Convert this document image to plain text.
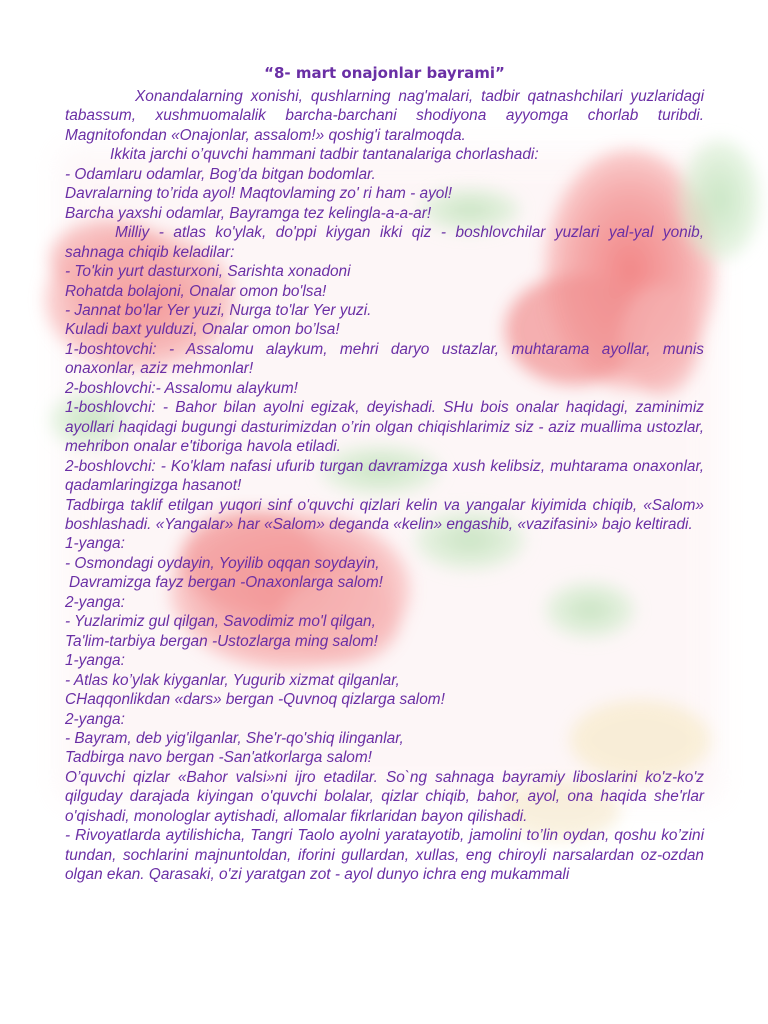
“8- mart onajonlar bayrami”

Xonandalarning xonishi, qushlarning nag'malari, tadbir qatnashchilari yuzlaridagi tabassum, xushmuomalalik barcha-barchani shodiyona ayyomga chorlab turibdi. Magnitofondan «Onajonlar, assalom!» qoshig'i taralmoqda.

Ikkita jarchi o’quvchi hammani tadbir tantanalariga chorlashadi:

- Odamlaru odamlar, Bog’da bitgan bodomlar.

Davralarning to’rida ayol! Maqtovlaming zo' ri ham - ayol!

Barcha yaxshi odamlar, Bayramga tez kelingla-a-a-ar!

Milliy - atlas ko'ylak, do'ppi kiygan ikki qiz - boshlovchilar yuzlari yal-yal yonib, sahnaga chiqib keladilar:

- To'kin yurt dasturxoni, Sarishta xonadoni

Rohatda bolajoni, Onalar omon bo'lsa!

- Jannat bo'lar Yer yuzi, Nurga to'lar Yer yuzi.

Kuladi baxt yulduzi, Onalar omon bo’lsa!

1-boshtovchi: - Assalomu alaykum, mehri daryo ustazlar, muhtarama ayollar, munis onaxonlar, aziz mehmonlar!

2-boshlovchi:- Assalomu alaykum!

1-boshlovchi: - Bahor bilan ayolni egizak, deyishadi. SHu bois onalar haqidagi, zaminimiz ayollari haqidagi bugungi dasturimizdan o’rin olgan chiqishlarimiz siz - aziz muallima ustozlar, mehribon onalar e'tiboriga havola etiladi.

2-boshlovchi: - Ko'klam nafasi ufurib turgan davramizga xush kelibsiz, muhtarama onaxonlar, qadamlaringizga hasanot!

Tadbirga taklif etilgan yuqori sinf o'quvchi qizlari kelin va yangalar kiyimida chiqib, «Salom» boshlashadi. «Yangalar» har «Salom» deganda «kelin» engashib, «vazifasini» bajo keltiradi.

1-yanga:

- Osmondagi oydayin, Yoyilib oqqan soydayin,

Davramizga fayz bergan -Onaxonlarga salom!

2-yanga:

- Yuzlarimiz gul qilgan, Savodimiz mo'l qilgan,

Ta'lim-tarbiya bergan -Ustozlarga ming salom!

1-yanga:

- Atlas ko’ylak kiyganlar, Yugurib xizmat qilganlar,

CHaqqonlikdan «dars» bergan -Quvnoq qizlarga salom!

2-yanga:

- Bayram, deb yig'ilganlar, She'r-qo'shiq ilinganlar,

Tadbirga navo bergan -San'atkorlarga salom!

O’quvchi qizlar «Bahor valsi»ni ijro etadilar. So`ng sahnaga bayramiy liboslarini ko'z-ko'z qilguday darajada kiyingan o'quvchi bolalar, qizlar chiqib, bahor, ayol, ona haqida she'rlar o'qishadi, monologlar aytishadi, allomalar fikrlaridan bayon qilishadi.

- Rivoyatlarda aytilishicha, Tangri Taolo ayolni yaratayotib, jamolini to’lin oydan, qoshu ko’zini tundan, sochlarini majnuntoldan, iforini gullardan, xullas, eng chiroyli narsalardan oz-ozdan olgan ekan. Qarasaki, o'zi yaratgan zot - ayol dunyo ichra eng mukammali
